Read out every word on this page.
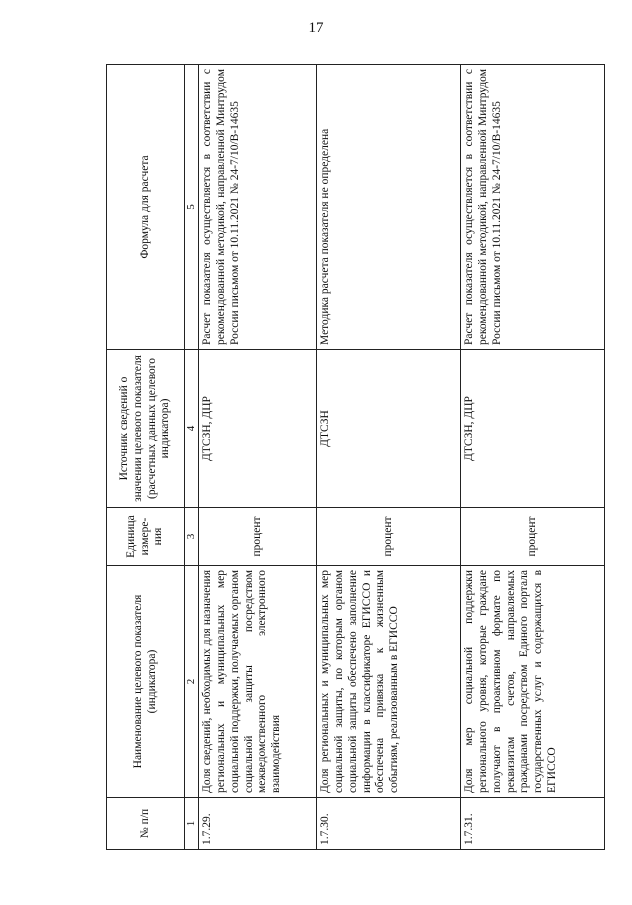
17
№ п/п	Наименование целевого показателя (индикатора)	Единица измере-ния	Источник сведений о значении целевого показателя (расчетных данных целевого индикатора)	Формула для расчета
1	2	3	4	5
1.7.29.	Доля сведений, необходимых для назначения региональных и муниципальных мер социальной поддержки, получаемых органом социальной защиты посредством межведомственного электронного взаимодействия	процент	ДТСЗН, ДЦР	Расчет показателя осуществляется в соответствии с рекомендованной методикой, направленной Минтрудом России письмом от 10.11.2021 № 24-7/10/В-14635
1.7.30.	Доля региональных и муниципальных мер социальной защиты, по которым органом социальной защиты обеспечено заполнение информации в классификаторе ЕГИССО и обеспечена привязка к жизненным событиям, реализованным в ЕГИССО	процент	ДТСЗН	Методика расчета показателя не определена
1.7.31.	Доля мер социальной поддержки регионального уровня, которые граждане получают в проактивном формате по реквизитам счетов, направляемых гражданами посредством Единого портала государственных услуг и содержащихся в ЕГИССО	процент	ДТСЗН, ДЦР	Расчет показателя осуществляется в соответствии с рекомендованной методикой, направленной Минтрудом России письмом от 10.11.2021 № 24-7/10/В-14635
